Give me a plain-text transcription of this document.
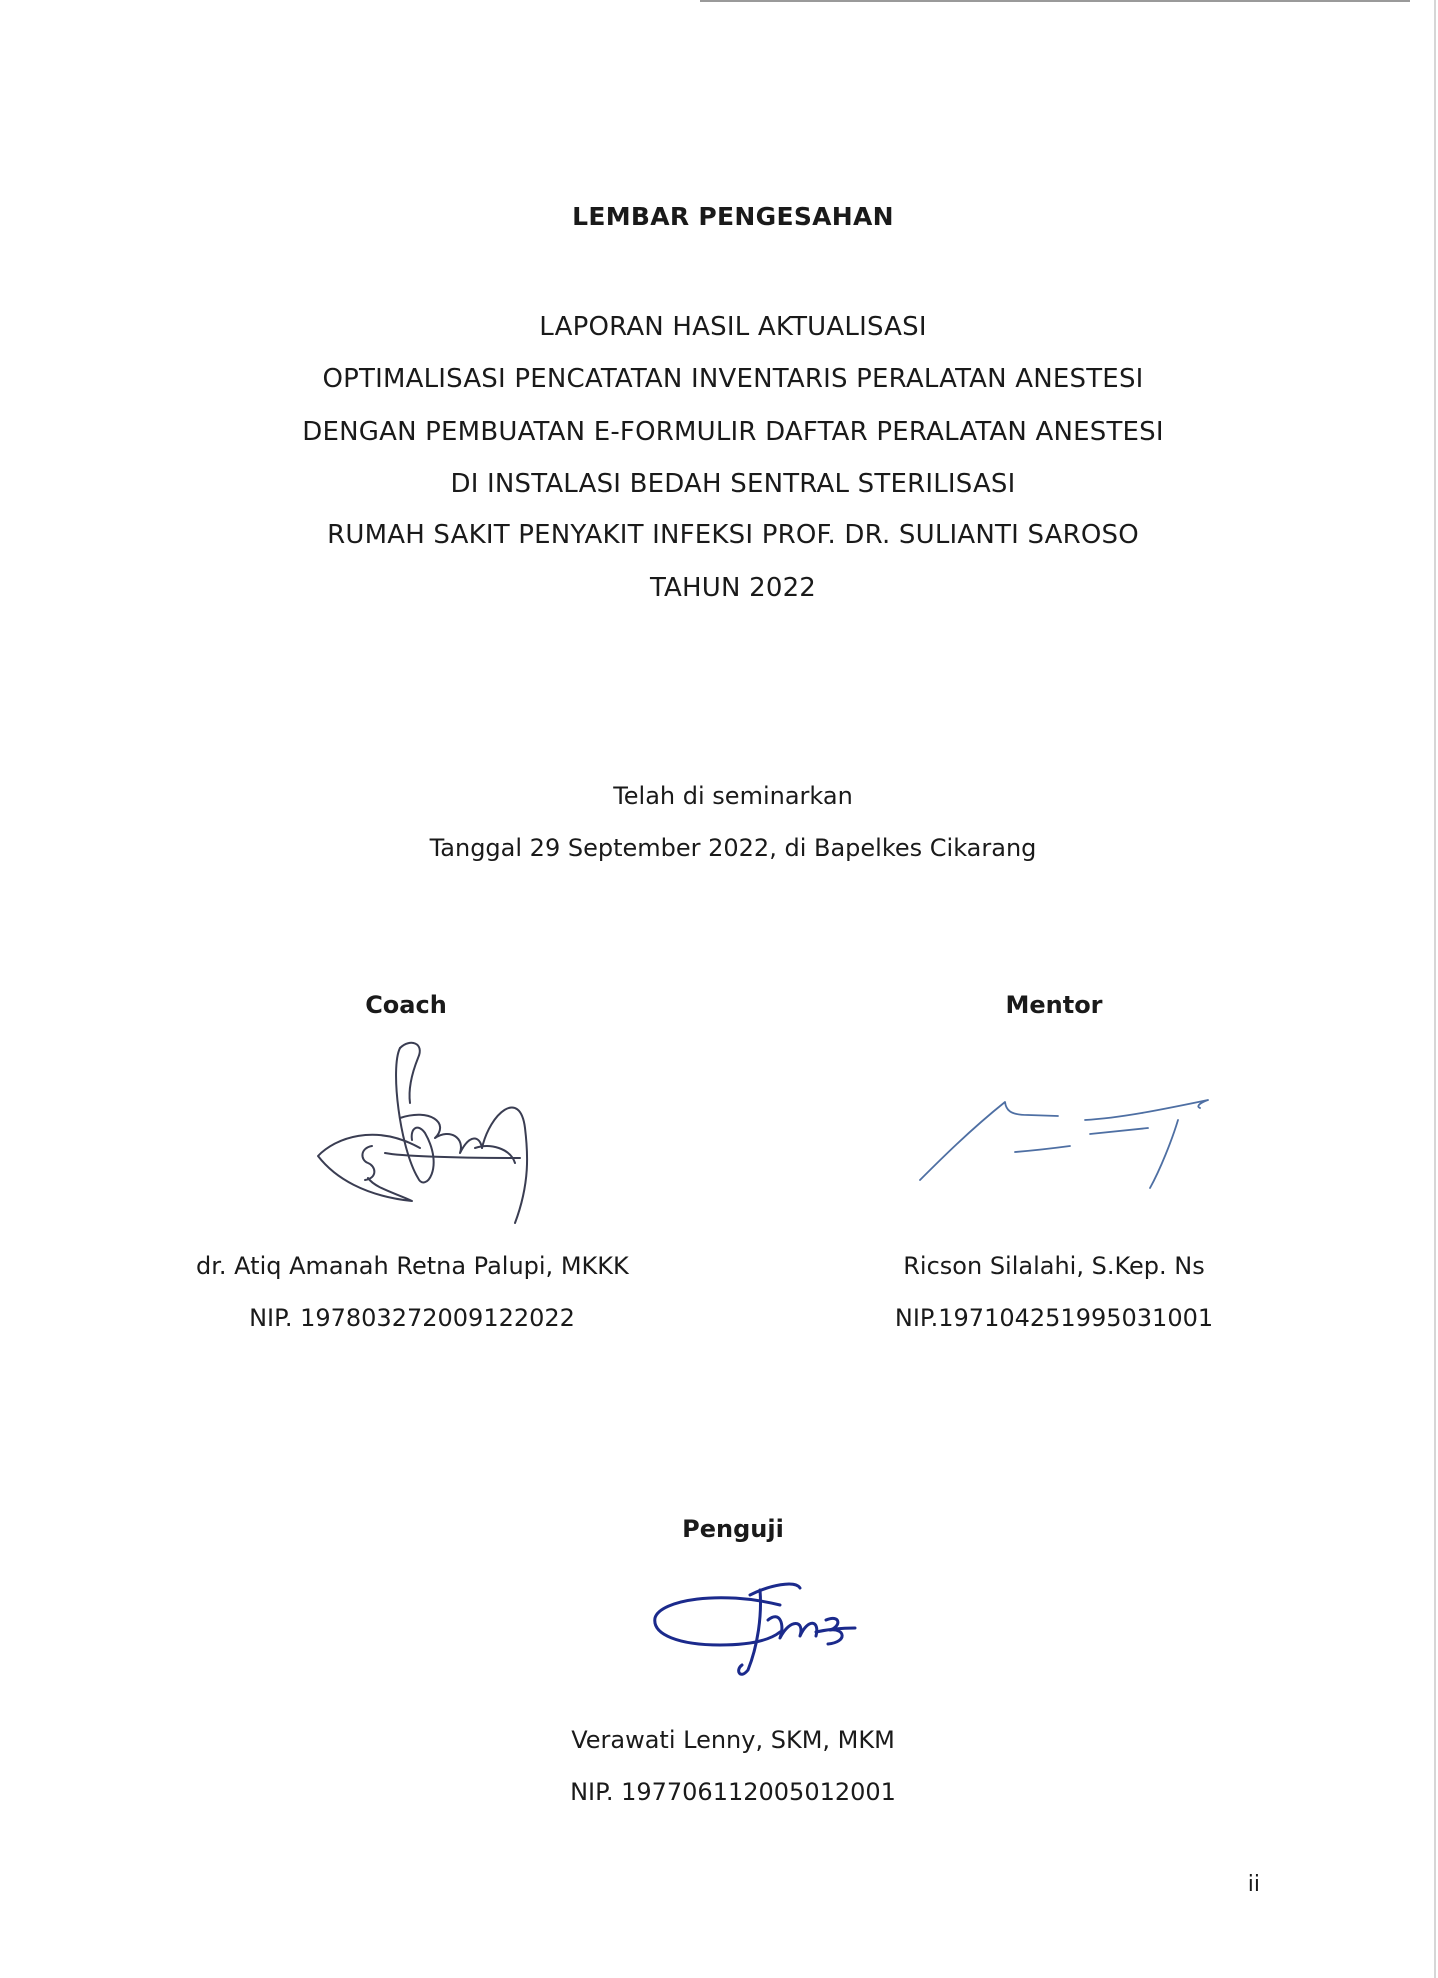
LEMBAR PENGESAHAN
LAPORAN HASIL AKTUALISASI
OPTIMALISASI PENCATATAN INVENTARIS PERALATAN ANESTESI
DENGAN PEMBUATAN E-FORMULIR DAFTAR PERALATAN ANESTESI
DI INSTALASI BEDAH SENTRAL STERILISASI
RUMAH SAKIT PENYAKIT INFEKSI PROF. DR. SULIANTI SAROSO
TAHUN 2022
Telah di seminarkan
Tanggal 29 September 2022, di Bapelkes Cikarang
Coach
dr. Atiq Amanah Retna Palupi, MKKK
NIP. 197803272009122022
Mentor
Ricson Silalahi, S.Kep. Ns
NIP.197104251995031001
Penguji
Verawati Lenny, SKM, MKM
NIP. 197706112005012001
ii
